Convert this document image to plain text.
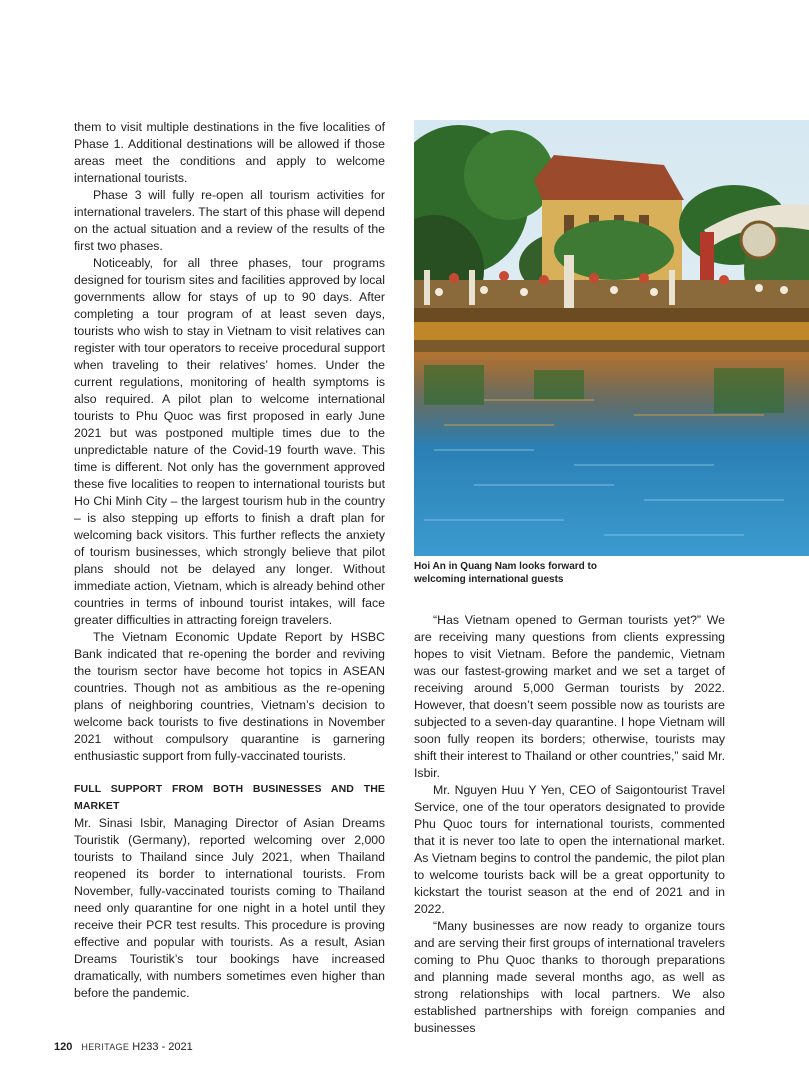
them to visit multiple destinations in the five localities of Phase 1. Additional destinations will be allowed if those areas meet the conditions and apply to welcome international tourists.

Phase 3 will fully re-open all tourism activities for international travelers. The start of this phase will depend on the actual situation and a review of the results of the first two phases.

Noticeably, for all three phases, tour programs designed for tourism sites and facilities approved by local governments allow for stays of up to 90 days. After completing a tour program of at least seven days, tourists who wish to stay in Vietnam to visit relatives can register with tour operators to receive procedural support when traveling to their relatives’ homes. Under the current regulations, monitoring of health symptoms is also required. A pilot plan to welcome international tourists to Phu Quoc was first proposed in early June 2021 but was postponed multiple times due to the unpredictable nature of the Covid-19 fourth wave. This time is different. Not only has the government approved these five localities to reopen to international tourists but Ho Chi Minh City – the largest tourism hub in the country – is also stepping up efforts to finish a draft plan for welcoming back visitors. This further reflects the anxiety of tourism businesses, which strongly believe that pilot plans should not be delayed any longer. Without immediate action, Vietnam, which is already behind other countries in terms of inbound tourist intakes, will face greater difficulties in attracting foreign travelers.

The Vietnam Economic Update Report by HSBC Bank indicated that re-opening the border and reviving the tourism sector have become hot topics in ASEAN countries. Though not as ambitious as the re-opening plans of neighboring countries, Vietnam’s decision to welcome back tourists to five destinations in November 2021 without compulsory quarantine is garnering enthusiastic support from fully-vaccinated tourists.

FULL SUPPORT FROM BOTH BUSINESSES AND THE MARKET

Mr. Sinasi Isbir, Managing Director of Asian Dreams Touristik (Germany), reported welcoming over 2,000 tourists to Thailand since July 2021, when Thailand reopened its border to international tourists. From November, fully-vaccinated tourists coming to Thailand need only quarantine for one night in a hotel until they receive their PCR test results. This procedure is proving effective and popular with tourists. As a result, Asian Dreams Touristik’s tour bookings have increased dramatically, with numbers sometimes even higher than before the pandemic.

Hoi An in Quang Nam looks forward to welcoming international guests

“Has Vietnam opened to German tourists yet?” We are receiving many questions from clients expressing hopes to visit Vietnam. Before the pandemic, Vietnam was our fastest-growing market and we set a target of receiving around 5,000 German tourists by 2022. However, that doesn’t seem possible now as tourists are subjected to a seven-day quarantine. I hope Vietnam will soon fully reopen its borders; otherwise, tourists may shift their interest to Thailand or other countries,” said Mr. Isbir.

Mr. Nguyen Huu Y Yen, CEO of Saigontourist Travel Service, one of the tour operators designated to provide Phu Quoc tours for international tourists, commented that it is never too late to open the international market. As Vietnam begins to control the pandemic, the pilot plan to welcome tourists back will be a great opportunity to kickstart the tourist season at the end of 2021 and in 2022.

“Many businesses are now ready to organize tours and are serving their first groups of international travelers coming to Phu Quoc thanks to thorough preparations and planning made several months ago, as well as strong relationships with local partners. We also established partnerships with foreign companies and businesses

120 HERITAGE H233 - 2021
